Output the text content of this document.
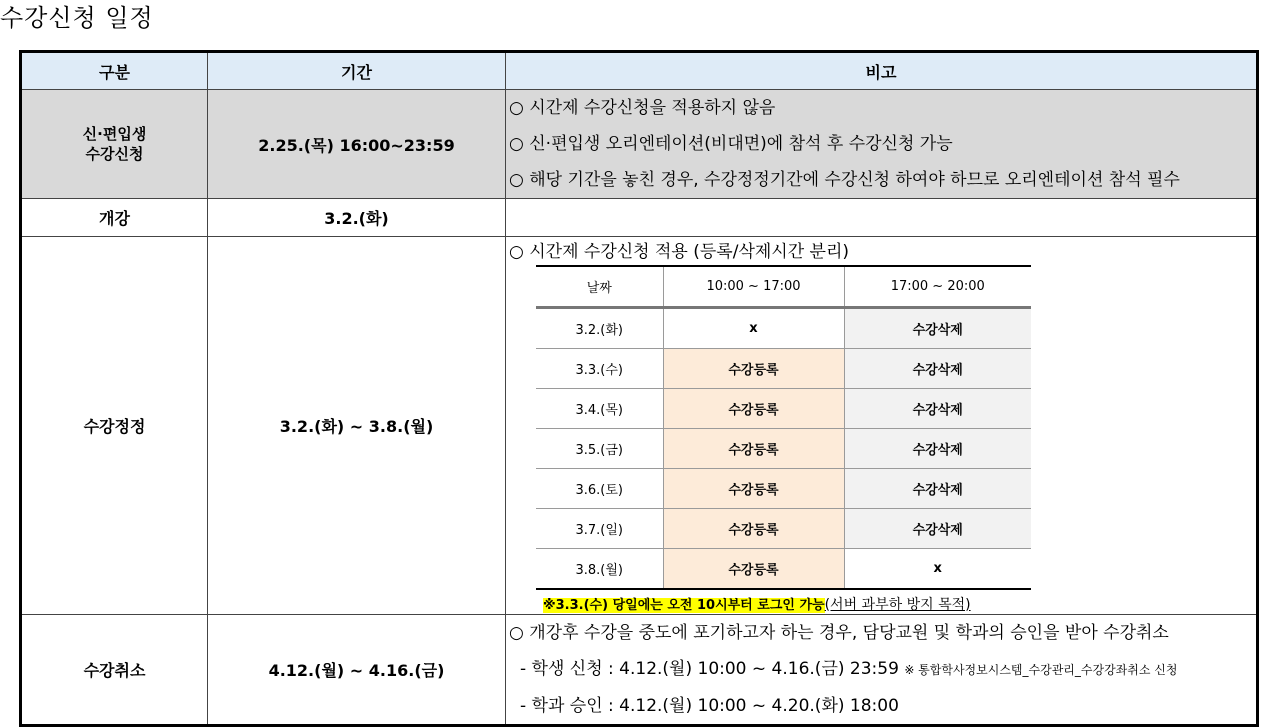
수강신청 일정
구분	기간	비고
신·편입생
수강신청	2.25.(목) 16:00~23:59	
○ 시간제 수강신청을 적용하지 않음
○ 신·편입생 오리엔테이션(비대면)에 참석 후 수강신청 가능
○ 해당 기간을 놓친 경우, 수강정정기간에 수강신청 하여야 하므로 오리엔테이션 참석 필수

개강	3.2.(화)	
수강정정	3.2.(화) ~ 3.8.(월)	
○ 시간제 수강신청 적용 (등록/삭제시간 분리)
날짜	10:00 ~ 17:00	17:00 ~ 20:00
3.2.(화)	x	수강삭제
3.3.(수)	수강등록	수강삭제
3.4.(목)	수강등록	수강삭제
3.5.(금)	수강등록	수강삭제
3.6.(토)	수강등록	수강삭제
3.7.(일)	수강등록	수강삭제
3.8.(월)	수강등록	x
※3.3.(수) 당일에는 오전 10시부터 로그인 가능(서버 과부하 방지 목적)

수강취소	4.12.(월) ~ 4.16.(금)	
○ 개강후 수강을 중도에 포기하고자 하는 경우, 담당교원 및 학과의 승인을 받아 수강취소
- 학생 신청 : 4.12.(월) 10:00 ~ 4.16.(금) 23:59 ※ 통합학사정보시스템_수강관리_수강강좌취소 신청
- 학과 승인 : 4.12.(월) 10:00 ~ 4.20.(화) 18:00
